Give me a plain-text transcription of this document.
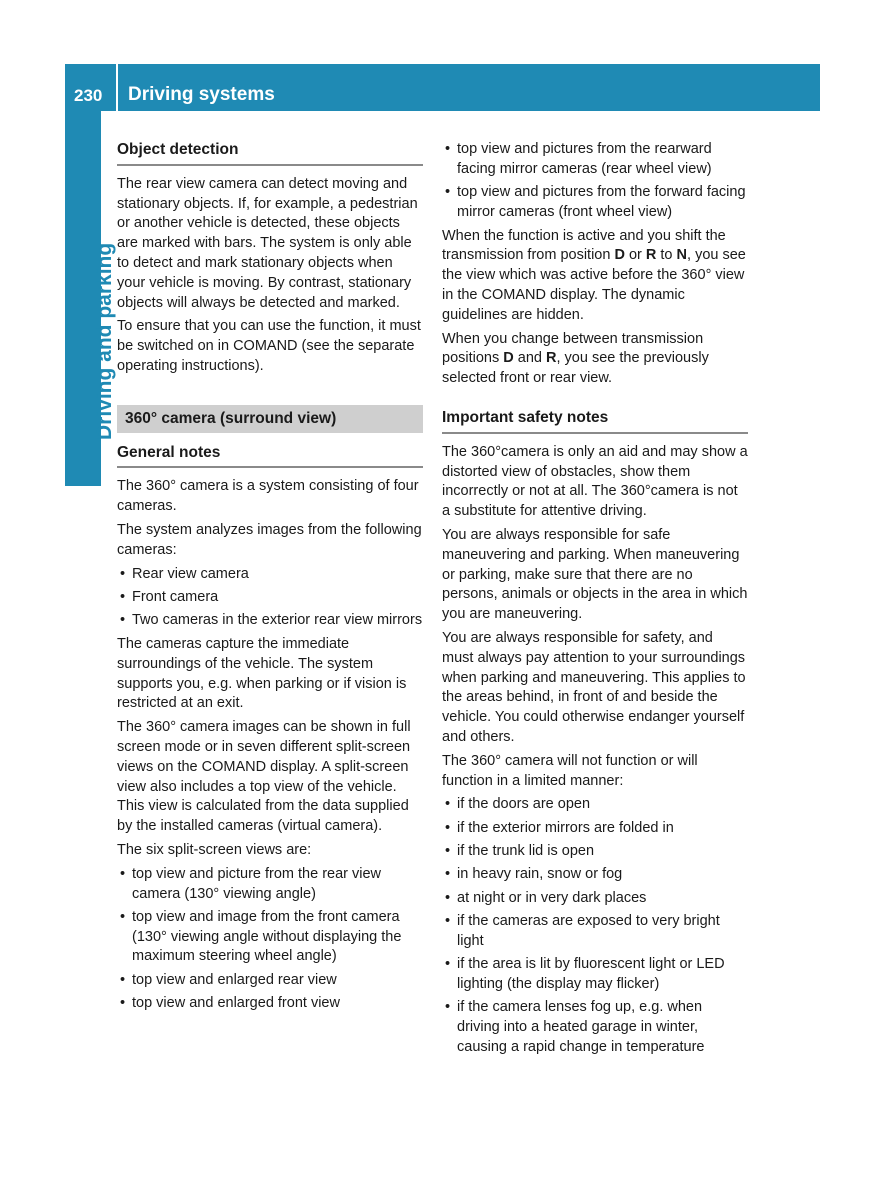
230 Driving systems
Driving and parking
Object detection

The rear view camera can detect moving and stationary objects. If, for example, a pedestrian or another vehicle is detected, these objects are marked with bars. The system is only able to detect and mark stationary objects when your vehicle is moving. By contrast, stationary objects will always be detected and marked.

To ensure that you can use the function, it must be switched on in COMAND (see the separate operating instructions).

360° camera (surround view)
General notes

The 360° camera is a system consisting of four cameras.

The system analyzes images from the following cameras:

• Rear view camera
• Front camera
• Two cameras in the exterior rear view mirrors

The cameras capture the immediate surroundings of the vehicle. The system supports you, e.g. when parking or if vision is restricted at an exit.

The 360° camera images can be shown in full screen mode or in seven different split-screen views on the COMAND display. A split-screen view also includes a top view of the vehicle. This view is calculated from the data supplied by the installed cameras (virtual camera).

The six split-screen views are:

• top view and picture from the rear view camera (130° viewing angle)
• top view and image from the front camera (130° viewing angle without displaying the maximum steering wheel angle)
• top view and enlarged rear view
• top view and enlarged front view
• top view and pictures from the rearward facing mirror cameras (rear wheel view)
• top view and pictures from the forward facing mirror cameras (front wheel view)

When the function is active and you shift the transmission from position D or R to N, you see the view which was active before the 360° view in the COMAND display. The dynamic guidelines are hidden.

When you change between transmission positions D and R, you see the previously selected front or rear view.

Important safety notes

The 360°camera is only an aid and may show a distorted view of obstacles, show them incorrectly or not at all. The 360°camera is not a substitute for attentive driving.

You are always responsible for safe maneuvering and parking. When maneuvering or parking, make sure that there are no persons, animals or objects in the area in which you are maneuvering.

You are always responsible for safety, and must always pay attention to your surroundings when parking and maneuvering. This applies to the areas behind, in front of and beside the vehicle. You could otherwise endanger yourself and others.

The 360° camera will not function or will function in a limited manner:

• if the doors are open
• if the exterior mirrors are folded in
• if the trunk lid is open
• in heavy rain, snow or fog
• at night or in very dark places
• if the cameras are exposed to very bright light
• if the area is lit by fluorescent light or LED lighting (the display may flicker)
• if the camera lenses fog up, e.g. when driving into a heated garage in winter, causing a rapid change in temperature
